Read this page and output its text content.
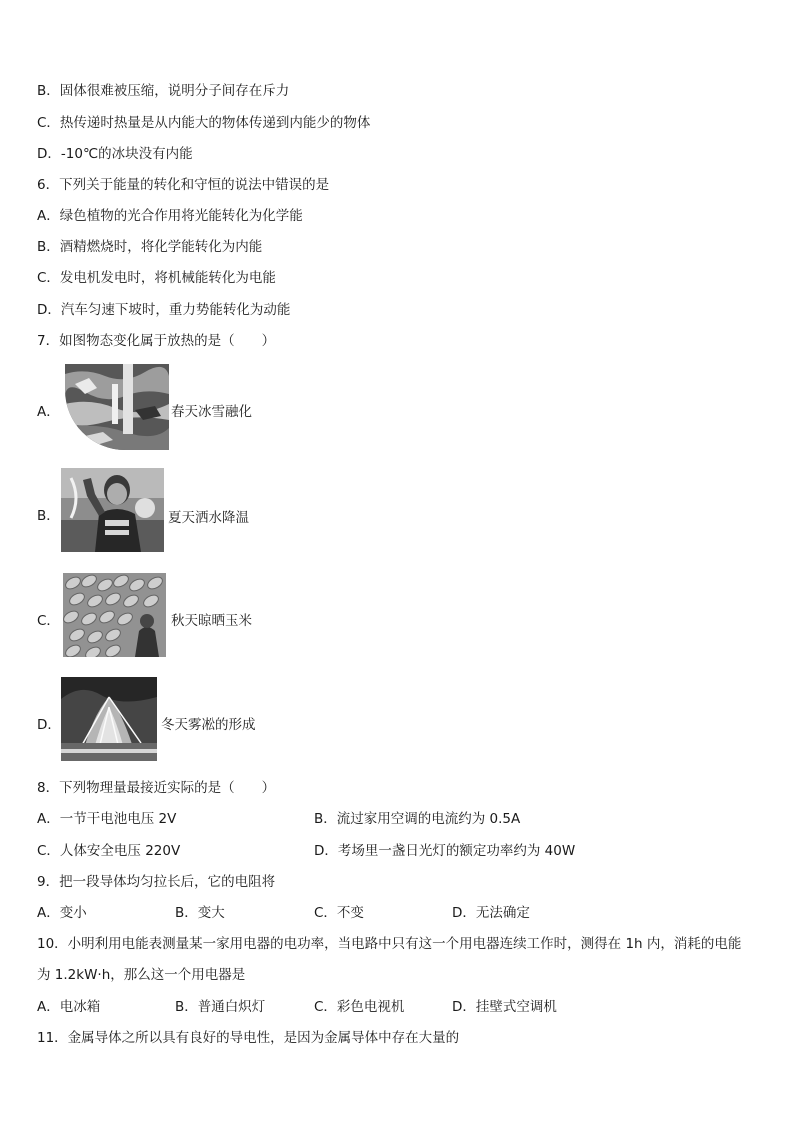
B．固体很难被压缩，说明分子间存在斥力
C．热传递时热量是从内能大的物体传递到内能少的物体
D．-10℃的冰块没有内能
6．下列关于能量的转化和守恒的说法中错误的是
A．绿色植物的光合作用将光能转化为化学能
B．酒精燃烧时，将化学能转化为内能
C．发电机发电时，将机械能转化为电能
D．汽车匀速下坡时，重力势能转化为动能
7．如图物态变化属于放热的是（　　）
A．	春天冰雪融化
B．	夏天洒水降温
C．	秋天晾晒玉米
D．	冬天雾凇的形成
8．下列物理量最接近实际的是（　　）
A．一节干电池电压 2V	B．流过家用空调的电流约为 0.5A
C．人体安全电压 220V	D．考场里一盏日光灯的额定功率约为 40W
9．把一段导体均匀拉长后，它的电阻将
A．变小	B．变大	C．不变	D．无法确定
10．小明利用电能表测量某一家用电器的电功率，当电路中只有这一个用电器连续工作时，测得在 1h 内，消耗的电能
为 1.2kW·h，那么这一个用电器是
A．电冰箱	B．普通白炽灯	C．彩色电视机	D．挂壁式空调机
11．金属导体之所以具有良好的导电性，是因为金属导体中存在大量的
